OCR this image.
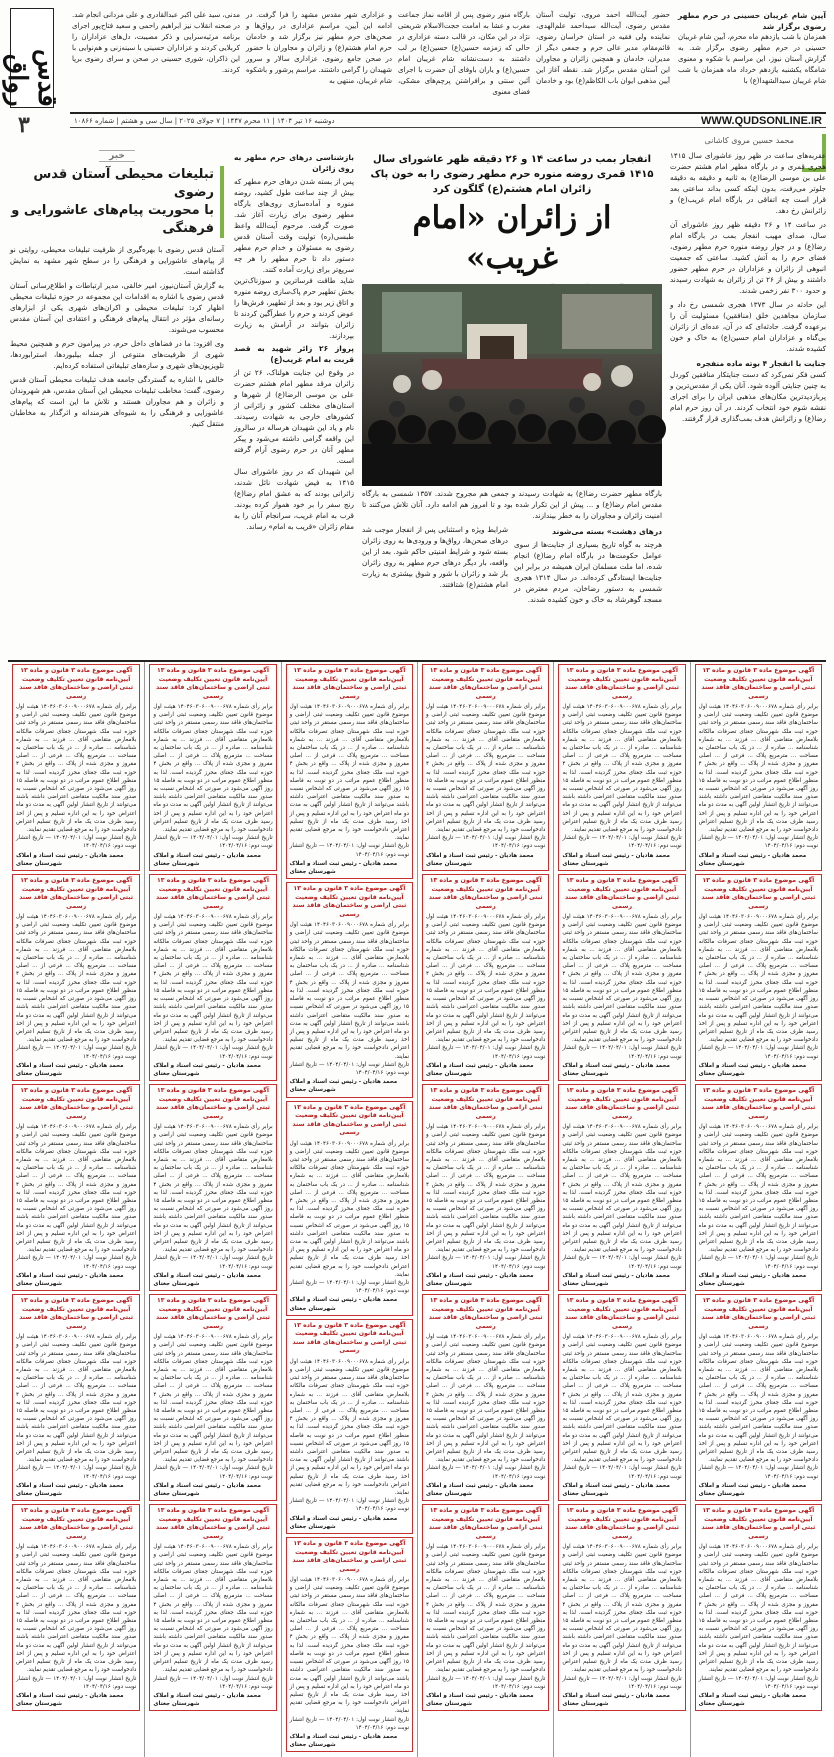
قدس رواق
۳
آیین شام غریبان حسینی در حرم مطهر رضوی برگزار شد
همزمان با شب یازدهم ماه محرم، آیین شام غریبان حسینی در حرم مطهر رضوی برگزار شد. به گزارش آستان نیوز، این مراسم با شکوه و معنوی شامگاه یکشنبه یازدهم خرداد ماه همزمان با شب شام غریبان سیدالشهدا(ع) با
حضور آیت‌الله احمد مروی، تولیت آستان مقدس رضوی، آیت‌الله سیداحمد علم‌الهدی، نماینده ولی فقیه در استان خراسان رضوی، قائم‌مقام، مدیر عالی حرم و جمعی دیگر از مدیران، خادمان و همچنین زائران و مجاوران این آستان مقدس برگزار شد. نقطه آغاز این آیین مذهبی ایوان باب الکاظم(ع) بود و خادمان
بارگاه منور رضوی پس از اقامه نماز جماعت مغرب و عشا به امامت حجت‌الاسلام شریعتی نژاد در این مکان، در قالب دسته عزاداری در حالی که زمزمه حسین(ع) حسین(ع) بر لب داشتند به دست‌نشانه شام غریبان امام حسین(ع) و یاران باوفای آن حضرت با اجرای آئین سنتی و برافراشتن پرچم‌های مشکی، فضای معنوی
و عزاداری شهر مقدس مشهد را فرا گرفت. در ادامه این آیین، مراسم عزاداری در رواق‌ها و صحن‌های حرم مطهر نیز برگزار شد و خادمان حرم امام هشتم(ع) و زائران و مجاوران با حضور در صحن جامع رضوی، عزاداری سالار و سرور شهیدان را گرامی داشتند. مراسم پرشور و باشکوه شام غریبان، منتهی به
مدنی، سید علی اکبر عبدالقادری و علی مردانی انجام شد. در صحنه انقلاب نیز ابراهیم راحمی و سعید فتاح‌پور اجرای برنامه مرثیه‌سرایی و ذکر مصیبت، دل‌های عزاداران را کربلایی کردند و عزاداران حسینی با سینه‌زنی و هم‌نوایی با این ذاکران، شوری حسینی در صحن و سرای رضوی برپا کردند.
WWW.QUDSONLINE.IR
دوشنبه ۱۶ تیر ۱۴۰۴ | ۱۱ محرم ۱۴۴۷ | ۷ جولای ۲۰۲۵ | سال سی و هشتم | شماره ۱۰۸۶۶
محمد حسین مروی کاشانی

عقربه‌های ساعت در ظهر روز عاشورای سال ۱۴۱۵ هجری قمری و در بارگاه مطهر امام هشتم حضرت علی بن موسی الرضا(ع) به ثانیه و دقیقه به دقیقه جلوتر می‌رفت، بدون اینکه کسی بداند ساعتی بعد قرار است چه اتفاقی در بارگاه امام غریب(ع) و زائرانش رخ دهد.

در ساعت ۱۴ و ۲۶ دقیقه ظهر روز عاشورای آن سال، صدای مهیب انفجار بمب در بارگاه امام رضا(ع) و در جوار روضه منوره حرم مطهر رضوی، فضای حرم را به آتش کشید. ساعتی که جمعیت انبوهی از زائران و عزاداران در حرم مطهر حضور داشتند و بیش از ۲۶ تن از زائران به شهادت رسیدند و حدود ۳۰۰ نفر زخمی شدند.

این حادثه در سال ۱۳۷۳ هجری شمسی رخ داد و سازمان مجاهدین خلق (منافقین) مسئولیت آن را برعهده گرفت. حادثه‌ای که در آن، عده‌ای از زائران بی‌گناه و عزاداران امام حسین(ع) به خاک و خون کشیده شدند.

جنایت با انفجار ۴ بوته ماده منفجره

کسی فکر نمی‌کرد که دست جنایتکار منافقین کوردل به چنین جنایتی آلوده شود. آنان یکی از مقدس‌ترین و پربازدیدترین مکان‌های مذهبی ایران را برای اجرای نقشه شوم خود انتخاب کردند. در آن روز حرم امام رضا(ع) و زائرانش هدف بمب‌گذاری قرار گرفتند.

انفجار بمب در ساعت ۱۴ و ۲۶ دقیقه ظهر عاشورای سال ۱۴۱۵ قمری روضه منوره حرم مطهر رضوی را به خون پاک زائران امام هشتم(ع) گلگون کرد
از زائران «امام غریب»
بارگاه مطهر حضرت رضا(ع) به شهادت رسیدند و جمعی هم مجروح شدند. ۱۳۵۷ شمسی به بارگاه مقدس امام رضا(ع) و ... پیش از این تکرار شده بود و تا امروز هم ادامه دارد. آنان تلاش می‌کنند تا امنیت زائران و مجاوران را به خطر بیندازند.
درهای دهشت» بسته می‌شوند
هرچند به گواه تاریخ بسیاری از جنایت‌ها از سوی عوامل حکومت‌ها در بارگاه امام رضا(ع) انجام شده، اما ملت مسلمان ایران همیشه در برابر این جنایت‌ها ایستادگی کرده‌اند. در سال ۱۳۱۴ هجری شمسی به دستور رضاخان، مردم معترض در مسجد گوهرشاد به خاک و خون کشیده شدند.
شرایط ویژه و استثنایی پس از انفجار موجب شد درهای صحن‌ها، رواق‌ها و ورودی‌ها به روی زائران بسته شود و شرایط امنیتی حاکم شود. بعد از این واقعه، بار دیگر درهای حرم مطهر به روی زائران باز شد و زائران با شور و شوق بیشتری به زیارت امام هشتم(ع) شتافتند.
بازشناسی درهای حرم مطهر به روی زائران

پس از بسته شدن درهای حرم مطهر که بیش از چند ساعت طول کشید، روضه منوره و آماده‌سازی روی‌های بارگاه مطهر رضوی برای زیارت آغاز شد. صورت گرفت. مرحوم آیت‌الله واعظ طبسی(ره) تولیت وقت آستان قدس رضوی به مسئولان و خدام حرم مطهر دستور داد تا حرم مطهر را هر چه سریع‌تر برای زیارت آماده کنند.

شاید طاقت فرسا‌ترین و سوزناک‌ترین بخش تطهیر حرم پاک‌سازی روضه منوره و اتاق زیر بود و بعد از تطهیر، فرش‌ها را عوض کردند و حرم را عطرآگین کردند تا زائران بتوانند در آرامش به زیارت بپردازند.

پرواز ۲۶ زائر شهید به قصد قربت به امام غریب(ع)

در وقوع این جنایت هولناک، ۲۶ تن از زائران مرقد مطهر امام هشتم حضرت علی بن موسی الرضا(ع) از شهرها و استان‌های مختلف کشور و زائرانی از کشورهای خارجی به شهادت رسیدند. نام و یاد این شهیدان هرساله در سالروز این واقعه گرامی داشته می‌شود و پیکر مطهر آنان در حرم رضوی آرام گرفته است.

این شهیدان که در روز عاشورای سال ۱۴۱۵ به فیض شهادت نائل شدند، زائرانی بودند که به عشق امام رضا(ع) رنج سفر را بر خود هموار کرده بودند. قرب به امام غریب، سرانجام آنان را به مقام زائران «قریب به امام» رساند.

خبر
تبلیغات محیطی آستان قدس رضوی
با محوریت پیام‌های عاشورایی و فرهنگی

آستان قدس رضوی با بهره‌گیری از ظرفیت تبلیغات محیطی، روایتی نو از پیام‌های عاشورایی و فرهنگی را در سطح شهر مشهد به نمایش گذاشته است.

به گزارش آستان‌نیوز، امیر خالقی، مدیر ارتباطات و اطلاع‌رسانی آستان قدس رضوی با اشاره به اقدامات این مجموعه در حوزه تبلیغات محیطی اظهار کرد: تبلیغات محیطی و اکران‌های شهری یکی از ابزارهای رسانه‌ای مؤثر در انتقال پیام‌های فرهنگی و اعتقادی این آستان مقدس محسوب می‌شوند.

وی افزود: ما در فضاهای داخل حرم، در پیرامون حرم و همچنین محیط شهری از ظرفیت‌های متنوعی از جمله بیلبوردها، استرابوردها، تلویزیون‌های شهری و سازه‌های تبلیغاتی استفاده کرده‌ایم.

خالقی با اشاره به گستردگی جامعه هدف تبلیغات محیطی آستان قدس رضوی، گفت: مخاطب تبلیغات محیطی این آستان مقدس، هم شهروندان و زائران و هم مجاوران هستند و تلاش ما این است که پیام‌های عاشورایی و فرهنگی را به شیوه‌ای هنرمندانه و اثرگذار به مخاطبان منتقل کنیم.

آگهی موضوع ماده ۳ قانون و ماده ۱۳ آیین‌نامه قانون تعیین تکلیف وضعیت ثبتی اراضی و ساختمان‌های فاقد سند رسمی
برابر رأی شماره ۱۴۰۴۶۰۳۰۶۰۰۹۰۰۰۶۷۸ هیئت اول موضوع قانون تعیین تکلیف وضعیت ثبتی اراضی و ساختمان‌های فاقد سند رسمی مستقر در واحد ثبتی حوزه ثبت ملک شهرستان جغتای تصرفات مالکانه بلامعارض متقاضی آقای ... فرزند ... به شماره شناسنامه ... صادره از ... در یک باب ساختمان به مساحت ... مترمربع پلاک ... فرعی از ... اصلی مفروز و مجزی شده از پلاک ... واقع در بخش ۴ حوزه ثبت ملک جغتای محرز گردیده است. لذا به منظور اطلاع عموم مراتب در دو نوبت به فاصله ۱۵ روز آگهی می‌شود در صورتی که اشخاص نسبت به صدور سند مالکیت متقاضی اعتراضی داشته باشند می‌توانند از تاریخ انتشار اولین آگهی به مدت دو ماه اعتراض خود را به این اداره تسلیم و پس از اخذ رسید ظرف مدت یک ماه از تاریخ تسلیم اعتراض دادخواست خود را به مرجع قضایی تقدیم نمایند.
تاریخ انتشار نوبت اول: ۱۴۰۴/۰۴/۰۱ — تاریخ انتشار نوبت دوم: ۱۴۰۴/۰۴/۱۶
محمد هادیان - رئیس ثبت اسناد و املاک شهرستان جغتای
آگهی موضوع ماده ۳ قانون و ماده ۱۳ آیین‌نامه قانون تعیین تکلیف وضعیت ثبتی اراضی و ساختمان‌های فاقد سند رسمی
برابر رأی شماره ۱۴۰۴۶۰۳۰۶۰۰۹۰۰۰۶۷۸ هیئت اول موضوع قانون تعیین تکلیف وضعیت ثبتی اراضی و ساختمان‌های فاقد سند رسمی مستقر در واحد ثبتی حوزه ثبت ملک شهرستان جغتای تصرفات مالکانه بلامعارض متقاضی آقای ... فرزند ... به شماره شناسنامه ... صادره از ... در یک باب ساختمان به مساحت ... مترمربع پلاک ... فرعی از ... اصلی مفروز و مجزی شده از پلاک ... واقع در بخش ۴ حوزه ثبت ملک جغتای محرز گردیده است. لذا به منظور اطلاع عموم مراتب در دو نوبت به فاصله ۱۵ روز آگهی می‌شود در صورتی که اشخاص نسبت به صدور سند مالکیت متقاضی اعتراضی داشته باشند می‌توانند از تاریخ انتشار اولین آگهی به مدت دو ماه اعتراض خود را به این اداره تسلیم و پس از اخذ رسید ظرف مدت یک ماه از تاریخ تسلیم اعتراض دادخواست خود را به مرجع قضایی تقدیم نمایند.
تاریخ انتشار نوبت اول: ۱۴۰۴/۰۴/۰۱ — تاریخ انتشار نوبت دوم: ۱۴۰۴/۰۴/۱۶
محمد هادیان - رئیس ثبت اسناد و املاک شهرستان جغتای
آگهی موضوع ماده ۳ قانون و ماده ۱۳ آیین‌نامه قانون تعیین تکلیف وضعیت ثبتی اراضی و ساختمان‌های فاقد سند رسمی
برابر رأی شماره ۱۴۰۴۶۰۳۰۶۰۰۹۰۰۰۶۷۸ هیئت اول موضوع قانون تعیین تکلیف وضعیت ثبتی اراضی و ساختمان‌های فاقد سند رسمی مستقر در واحد ثبتی حوزه ثبت ملک شهرستان جغتای تصرفات مالکانه بلامعارض متقاضی آقای ... فرزند ... به شماره شناسنامه ... صادره از ... در یک باب ساختمان به مساحت ... مترمربع پلاک ... فرعی از ... اصلی مفروز و مجزی شده از پلاک ... واقع در بخش ۴ حوزه ثبت ملک جغتای محرز گردیده است. لذا به منظور اطلاع عموم مراتب در دو نوبت به فاصله ۱۵ روز آگهی می‌شود در صورتی که اشخاص نسبت به صدور سند مالکیت متقاضی اعتراضی داشته باشند می‌توانند از تاریخ انتشار اولین آگهی به مدت دو ماه اعتراض خود را به این اداره تسلیم و پس از اخذ رسید ظرف مدت یک ماه از تاریخ تسلیم اعتراض دادخواست خود را به مرجع قضایی تقدیم نمایند.
تاریخ انتشار نوبت اول: ۱۴۰۴/۰۴/۰۱ — تاریخ انتشار نوبت دوم: ۱۴۰۴/۰۴/۱۶
محمد هادیان - رئیس ثبت اسناد و املاک شهرستان جغتای
آگهی موضوع ماده ۳ قانون و ماده ۱۳ آیین‌نامه قانون تعیین تکلیف وضعیت ثبتی اراضی و ساختمان‌های فاقد سند رسمی
برابر رأی شماره ۱۴۰۴۶۰۳۰۶۰۰۹۰۰۰۶۷۸ هیئت اول موضوع قانون تعیین تکلیف وضعیت ثبتی اراضی و ساختمان‌های فاقد سند رسمی مستقر در واحد ثبتی حوزه ثبت ملک شهرستان جغتای تصرفات مالکانه بلامعارض متقاضی آقای ... فرزند ... به شماره شناسنامه ... صادره از ... در یک باب ساختمان به مساحت ... مترمربع پلاک ... فرعی از ... اصلی مفروز و مجزی شده از پلاک ... واقع در بخش ۴ حوزه ثبت ملک جغتای محرز گردیده است. لذا به منظور اطلاع عموم مراتب در دو نوبت به فاصله ۱۵ روز آگهی می‌شود در صورتی که اشخاص نسبت به صدور سند مالکیت متقاضی اعتراضی داشته باشند می‌توانند از تاریخ انتشار اولین آگهی به مدت دو ماه اعتراض خود را به این اداره تسلیم و پس از اخذ رسید ظرف مدت یک ماه از تاریخ تسلیم اعتراض دادخواست خود را به مرجع قضایی تقدیم نمایند.
تاریخ انتشار نوبت اول: ۱۴۰۴/۰۴/۰۱ — تاریخ انتشار نوبت دوم: ۱۴۰۴/۰۴/۱۶
محمد هادیان - رئیس ثبت اسناد و املاک شهرستان جغتای
آگهی موضوع ماده ۳ قانون و ماده ۱۳ آیین‌نامه قانون تعیین تکلیف وضعیت ثبتی اراضی و ساختمان‌های فاقد سند رسمی
برابر رأی شماره ۱۴۰۴۶۰۳۰۶۰۰۹۰۰۰۶۷۸ هیئت اول موضوع قانون تعیین تکلیف وضعیت ثبتی اراضی و ساختمان‌های فاقد سند رسمی مستقر در واحد ثبتی حوزه ثبت ملک شهرستان جغتای تصرفات مالکانه بلامعارض متقاضی آقای ... فرزند ... به شماره شناسنامه ... صادره از ... در یک باب ساختمان به مساحت ... مترمربع پلاک ... فرعی از ... اصلی مفروز و مجزی شده از پلاک ... واقع در بخش ۴ حوزه ثبت ملک جغتای محرز گردیده است. لذا به منظور اطلاع عموم مراتب در دو نوبت به فاصله ۱۵ روز آگهی می‌شود در صورتی که اشخاص نسبت به صدور سند مالکیت متقاضی اعتراضی داشته باشند می‌توانند از تاریخ انتشار اولین آگهی به مدت دو ماه اعتراض خود را به این اداره تسلیم و پس از اخذ رسید ظرف مدت یک ماه از تاریخ تسلیم اعتراض دادخواست خود را به مرجع قضایی تقدیم نمایند.
تاریخ انتشار نوبت اول: ۱۴۰۴/۰۴/۰۱ — تاریخ انتشار نوبت دوم: ۱۴۰۴/۰۴/۱۶
محمد هادیان - رئیس ثبت اسناد و املاک شهرستان جغتای
آگهی موضوع ماده ۳ قانون و ماده ۱۳ آیین‌نامه قانون تعیین تکلیف وضعیت ثبتی اراضی و ساختمان‌های فاقد سند رسمی
برابر رأی شماره ۱۴۰۴۶۰۳۰۶۰۰۹۰۰۰۶۷۸ هیئت اول موضوع قانون تعیین تکلیف وضعیت ثبتی اراضی و ساختمان‌های فاقد سند رسمی مستقر در واحد ثبتی حوزه ثبت ملک شهرستان جغتای تصرفات مالکانه بلامعارض متقاضی آقای ... فرزند ... به شماره شناسنامه ... صادره از ... در یک باب ساختمان به مساحت ... مترمربع پلاک ... فرعی از ... اصلی مفروز و مجزی شده از پلاک ... واقع در بخش ۴ حوزه ثبت ملک جغتای محرز گردیده است. لذا به منظور اطلاع عموم مراتب در دو نوبت به فاصله ۱۵ روز آگهی می‌شود در صورتی که اشخاص نسبت به صدور سند مالکیت متقاضی اعتراضی داشته باشند می‌توانند از تاریخ انتشار اولین آگهی به مدت دو ماه اعتراض خود را به این اداره تسلیم و پس از اخذ رسید ظرف مدت یک ماه از تاریخ تسلیم اعتراض دادخواست خود را به مرجع قضایی تقدیم نمایند.
تاریخ انتشار نوبت اول: ۱۴۰۴/۰۴/۰۱ — تاریخ انتشار نوبت دوم: ۱۴۰۴/۰۴/۱۶
محمد هادیان - رئیس ثبت اسناد و املاک شهرستان جغتای
آگهی موضوع ماده ۳ قانون و ماده ۱۳ آیین‌نامه قانون تعیین تکلیف وضعیت ثبتی اراضی و ساختمان‌های فاقد سند رسمی
برابر رأی شماره ۱۴۰۴۶۰۳۰۶۰۰۹۰۰۰۶۷۸ هیئت اول موضوع قانون تعیین تکلیف وضعیت ثبتی اراضی و ساختمان‌های فاقد سند رسمی مستقر در واحد ثبتی حوزه ثبت ملک شهرستان جغتای تصرفات مالکانه بلامعارض متقاضی آقای ... فرزند ... به شماره شناسنامه ... صادره از ... در یک باب ساختمان به مساحت ... مترمربع پلاک ... فرعی از ... اصلی مفروز و مجزی شده از پلاک ... واقع در بخش ۴ حوزه ثبت ملک جغتای محرز گردیده است. لذا به منظور اطلاع عموم مراتب در دو نوبت به فاصله ۱۵ روز آگهی می‌شود در صورتی که اشخاص نسبت به صدور سند مالکیت متقاضی اعتراضی داشته باشند می‌توانند از تاریخ انتشار اولین آگهی به مدت دو ماه اعتراض خود را به این اداره تسلیم و پس از اخذ رسید ظرف مدت یک ماه از تاریخ تسلیم اعتراض دادخواست خود را به مرجع قضایی تقدیم نمایند.
تاریخ انتشار نوبت اول: ۱۴۰۴/۰۴/۰۱ — تاریخ انتشار نوبت دوم: ۱۴۰۴/۰۴/۱۶
محمد هادیان - رئیس ثبت اسناد و املاک شهرستان جغتای
آگهی موضوع ماده ۳ قانون و ماده ۱۳ آیین‌نامه قانون تعیین تکلیف وضعیت ثبتی اراضی و ساختمان‌های فاقد سند رسمی
برابر رأی شماره ۱۴۰۴۶۰۳۰۶۰۰۹۰۰۰۶۷۸ هیئت اول موضوع قانون تعیین تکلیف وضعیت ثبتی اراضی و ساختمان‌های فاقد سند رسمی مستقر در واحد ثبتی حوزه ثبت ملک شهرستان جغتای تصرفات مالکانه بلامعارض متقاضی آقای ... فرزند ... به شماره شناسنامه ... صادره از ... در یک باب ساختمان به مساحت ... مترمربع پلاک ... فرعی از ... اصلی مفروز و مجزی شده از پلاک ... واقع در بخش ۴ حوزه ثبت ملک جغتای محرز گردیده است. لذا به منظور اطلاع عموم مراتب در دو نوبت به فاصله ۱۵ روز آگهی می‌شود در صورتی که اشخاص نسبت به صدور سند مالکیت متقاضی اعتراضی داشته باشند می‌توانند از تاریخ انتشار اولین آگهی به مدت دو ماه اعتراض خود را به این اداره تسلیم و پس از اخذ رسید ظرف مدت یک ماه از تاریخ تسلیم اعتراض دادخواست خود را به مرجع قضایی تقدیم نمایند.
تاریخ انتشار نوبت اول: ۱۴۰۴/۰۴/۰۱ — تاریخ انتشار نوبت دوم: ۱۴۰۴/۰۴/۱۶
محمد هادیان - رئیس ثبت اسناد و املاک شهرستان جغتای
آگهی موضوع ماده ۳ قانون و ماده ۱۳ آیین‌نامه قانون تعیین تکلیف وضعیت ثبتی اراضی و ساختمان‌های فاقد سند رسمی
برابر رأی شماره ۱۴۰۴۶۰۳۰۶۰۰۹۰۰۰۶۷۸ هیئت اول موضوع قانون تعیین تکلیف وضعیت ثبتی اراضی و ساختمان‌های فاقد سند رسمی مستقر در واحد ثبتی حوزه ثبت ملک شهرستان جغتای تصرفات مالکانه بلامعارض متقاضی آقای ... فرزند ... به شماره شناسنامه ... صادره از ... در یک باب ساختمان به مساحت ... مترمربع پلاک ... فرعی از ... اصلی مفروز و مجزی شده از پلاک ... واقع در بخش ۴ حوزه ثبت ملک جغتای محرز گردیده است. لذا به منظور اطلاع عموم مراتب در دو نوبت به فاصله ۱۵ روز آگهی می‌شود در صورتی که اشخاص نسبت به صدور سند مالکیت متقاضی اعتراضی داشته باشند می‌توانند از تاریخ انتشار اولین آگهی به مدت دو ماه اعتراض خود را به این اداره تسلیم و پس از اخذ رسید ظرف مدت یک ماه از تاریخ تسلیم اعتراض دادخواست خود را به مرجع قضایی تقدیم نمایند.
تاریخ انتشار نوبت اول: ۱۴۰۴/۰۴/۰۱ — تاریخ انتشار نوبت دوم: ۱۴۰۴/۰۴/۱۶
محمد هادیان - رئیس ثبت اسناد و املاک شهرستان جغتای
آگهی موضوع ماده ۳ قانون و ماده ۱۳ آیین‌نامه قانون تعیین تکلیف وضعیت ثبتی اراضی و ساختمان‌های فاقد سند رسمی
برابر رأی شماره ۱۴۰۴۶۰۳۰۶۰۰۹۰۰۰۶۷۸ هیئت اول موضوع قانون تعیین تکلیف وضعیت ثبتی اراضی و ساختمان‌های فاقد سند رسمی مستقر در واحد ثبتی حوزه ثبت ملک شهرستان جغتای تصرفات مالکانه بلامعارض متقاضی آقای ... فرزند ... به شماره شناسنامه ... صادره از ... در یک باب ساختمان به مساحت ... مترمربع پلاک ... فرعی از ... اصلی مفروز و مجزی شده از پلاک ... واقع در بخش ۴ حوزه ثبت ملک جغتای محرز گردیده است. لذا به منظور اطلاع عموم مراتب در دو نوبت به فاصله ۱۵ روز آگهی می‌شود در صورتی که اشخاص نسبت به صدور سند مالکیت متقاضی اعتراضی داشته باشند می‌توانند از تاریخ انتشار اولین آگهی به مدت دو ماه اعتراض خود را به این اداره تسلیم و پس از اخذ رسید ظرف مدت یک ماه از تاریخ تسلیم اعتراض دادخواست خود را به مرجع قضایی تقدیم نمایند.
تاریخ انتشار نوبت اول: ۱۴۰۴/۰۴/۰۱ — تاریخ انتشار نوبت دوم: ۱۴۰۴/۰۴/۱۶
محمد هادیان - رئیس ثبت اسناد و املاک شهرستان جغتای
آگهی موضوع ماده ۳ قانون و ماده ۱۳ آیین‌نامه قانون تعیین تکلیف وضعیت ثبتی اراضی و ساختمان‌های فاقد سند رسمی
برابر رأی شماره ۱۴۰۴۶۰۳۰۶۰۰۹۰۰۰۶۷۸ هیئت اول موضوع قانون تعیین تکلیف وضعیت ثبتی اراضی و ساختمان‌های فاقد سند رسمی مستقر در واحد ثبتی حوزه ثبت ملک شهرستان جغتای تصرفات مالکانه بلامعارض متقاضی آقای ... فرزند ... به شماره شناسنامه ... صادره از ... در یک باب ساختمان به مساحت ... مترمربع پلاک ... فرعی از ... اصلی مفروز و مجزی شده از پلاک ... واقع در بخش ۴ حوزه ثبت ملک جغتای محرز گردیده است. لذا به منظور اطلاع عموم مراتب در دو نوبت به فاصله ۱۵ روز آگهی می‌شود در صورتی که اشخاص نسبت به صدور سند مالکیت متقاضی اعتراضی داشته باشند می‌توانند از تاریخ انتشار اولین آگهی به مدت دو ماه اعتراض خود را به این اداره تسلیم و پس از اخذ رسید ظرف مدت یک ماه از تاریخ تسلیم اعتراض دادخواست خود را به مرجع قضایی تقدیم نمایند.
تاریخ انتشار نوبت اول: ۱۴۰۴/۰۴/۰۱ — تاریخ انتشار نوبت دوم: ۱۴۰۴/۰۴/۱۶
محمد هادیان - رئیس ثبت اسناد و املاک شهرستان جغتای
آگهی موضوع ماده ۳ قانون و ماده ۱۳ آیین‌نامه قانون تعیین تکلیف وضعیت ثبتی اراضی و ساختمان‌های فاقد سند رسمی
برابر رأی شماره ۱۴۰۴۶۰۳۰۶۰۰۹۰۰۰۶۷۸ هیئت اول موضوع قانون تعیین تکلیف وضعیت ثبتی اراضی و ساختمان‌های فاقد سند رسمی مستقر در واحد ثبتی حوزه ثبت ملک شهرستان جغتای تصرفات مالکانه بلامعارض متقاضی آقای ... فرزند ... به شماره شناسنامه ... صادره از ... در یک باب ساختمان به مساحت ... مترمربع پلاک ... فرعی از ... اصلی مفروز و مجزی شده از پلاک ... واقع در بخش ۴ حوزه ثبت ملک جغتای محرز گردیده است. لذا به منظور اطلاع عموم مراتب در دو نوبت به فاصله ۱۵ روز آگهی می‌شود در صورتی که اشخاص نسبت به صدور سند مالکیت متقاضی اعتراضی داشته باشند می‌توانند از تاریخ انتشار اولین آگهی به مدت دو ماه اعتراض خود را به این اداره تسلیم و پس از اخذ رسید ظرف مدت یک ماه از تاریخ تسلیم اعتراض دادخواست خود را به مرجع قضایی تقدیم نمایند.
تاریخ انتشار نوبت اول: ۱۴۰۴/۰۴/۰۱ — تاریخ انتشار نوبت دوم: ۱۴۰۴/۰۴/۱۶
محمد هادیان - رئیس ثبت اسناد و املاک شهرستان جغتای
آگهی موضوع ماده ۳ قانون و ماده ۱۳ آیین‌نامه قانون تعیین تکلیف وضعیت ثبتی اراضی و ساختمان‌های فاقد سند رسمی
برابر رأی شماره ۱۴۰۴۶۰۳۰۶۰۰۹۰۰۰۶۷۸ هیئت اول موضوع قانون تعیین تکلیف وضعیت ثبتی اراضی و ساختمان‌های فاقد سند رسمی مستقر در واحد ثبتی حوزه ثبت ملک شهرستان جغتای تصرفات مالکانه بلامعارض متقاضی آقای ... فرزند ... به شماره شناسنامه ... صادره از ... در یک باب ساختمان به مساحت ... مترمربع پلاک ... فرعی از ... اصلی مفروز و مجزی شده از پلاک ... واقع در بخش ۴ حوزه ثبت ملک جغتای محرز گردیده است. لذا به منظور اطلاع عموم مراتب در دو نوبت به فاصله ۱۵ روز آگهی می‌شود در صورتی که اشخاص نسبت به صدور سند مالکیت متقاضی اعتراضی داشته باشند می‌توانند از تاریخ انتشار اولین آگهی به مدت دو ماه اعتراض خود را به این اداره تسلیم و پس از اخذ رسید ظرف مدت یک ماه از تاریخ تسلیم اعتراض دادخواست خود را به مرجع قضایی تقدیم نمایند.
تاریخ انتشار نوبت اول: ۱۴۰۴/۰۴/۰۱ — تاریخ انتشار نوبت دوم: ۱۴۰۴/۰۴/۱۶
محمد هادیان - رئیس ثبت اسناد و املاک شهرستان جغتای
آگهی موضوع ماده ۳ قانون و ماده ۱۳ آیین‌نامه قانون تعیین تکلیف وضعیت ثبتی اراضی و ساختمان‌های فاقد سند رسمی
برابر رأی شماره ۱۴۰۴۶۰۳۰۶۰۰۹۰۰۰۶۷۸ هیئت اول موضوع قانون تعیین تکلیف وضعیت ثبتی اراضی و ساختمان‌های فاقد سند رسمی مستقر در واحد ثبتی حوزه ثبت ملک شهرستان جغتای تصرفات مالکانه بلامعارض متقاضی آقای ... فرزند ... به شماره شناسنامه ... صادره از ... در یک باب ساختمان به مساحت ... مترمربع پلاک ... فرعی از ... اصلی مفروز و مجزی شده از پلاک ... واقع در بخش ۴ حوزه ثبت ملک جغتای محرز گردیده است. لذا به منظور اطلاع عموم مراتب در دو نوبت به فاصله ۱۵ روز آگهی می‌شود در صورتی که اشخاص نسبت به صدور سند مالکیت متقاضی اعتراضی داشته باشند می‌توانند از تاریخ انتشار اولین آگهی به مدت دو ماه اعتراض خود را به این اداره تسلیم و پس از اخذ رسید ظرف مدت یک ماه از تاریخ تسلیم اعتراض دادخواست خود را به مرجع قضایی تقدیم نمایند.
تاریخ انتشار نوبت اول: ۱۴۰۴/۰۴/۰۱ — تاریخ انتشار نوبت دوم: ۱۴۰۴/۰۴/۱۶
محمد هادیان - رئیس ثبت اسناد و املاک شهرستان جغتای
آگهی موضوع ماده ۳ قانون و ماده ۱۳ آیین‌نامه قانون تعیین تکلیف وضعیت ثبتی اراضی و ساختمان‌های فاقد سند رسمی
برابر رأی شماره ۱۴۰۴۶۰۳۰۶۰۰۹۰۰۰۶۷۸ هیئت اول موضوع قانون تعیین تکلیف وضعیت ثبتی اراضی و ساختمان‌های فاقد سند رسمی مستقر در واحد ثبتی حوزه ثبت ملک شهرستان جغتای تصرفات مالکانه بلامعارض متقاضی آقای ... فرزند ... به شماره شناسنامه ... صادره از ... در یک باب ساختمان به مساحت ... مترمربع پلاک ... فرعی از ... اصلی مفروز و مجزی شده از پلاک ... واقع در بخش ۴ حوزه ثبت ملک جغتای محرز گردیده است. لذا به منظور اطلاع عموم مراتب در دو نوبت به فاصله ۱۵ روز آگهی می‌شود در صورتی که اشخاص نسبت به صدور سند مالکیت متقاضی اعتراضی داشته باشند می‌توانند از تاریخ انتشار اولین آگهی به مدت دو ماه اعتراض خود را به این اداره تسلیم و پس از اخذ رسید ظرف مدت یک ماه از تاریخ تسلیم اعتراض دادخواست خود را به مرجع قضایی تقدیم نمایند.
تاریخ انتشار نوبت اول: ۱۴۰۴/۰۴/۰۱ — تاریخ انتشار نوبت دوم: ۱۴۰۴/۰۴/۱۶
محمد هادیان - رئیس ثبت اسناد و املاک شهرستان جغتای
آگهی موضوع ماده ۳ قانون و ماده ۱۳ آیین‌نامه قانون تعیین تکلیف وضعیت ثبتی اراضی و ساختمان‌های فاقد سند رسمی
برابر رأی شماره ۱۴۰۴۶۰۳۰۶۰۰۹۰۰۰۶۷۸ هیئت اول موضوع قانون تعیین تکلیف وضعیت ثبتی اراضی و ساختمان‌های فاقد سند رسمی مستقر در واحد ثبتی حوزه ثبت ملک شهرستان جغتای تصرفات مالکانه بلامعارض متقاضی آقای ... فرزند ... به شماره شناسنامه ... صادره از ... در یک باب ساختمان به مساحت ... مترمربع پلاک ... فرعی از ... اصلی مفروز و مجزی شده از پلاک ... واقع در بخش ۴ حوزه ثبت ملک جغتای محرز گردیده است. لذا به منظور اطلاع عموم مراتب در دو نوبت به فاصله ۱۵ روز آگهی می‌شود در صورتی که اشخاص نسبت به صدور سند مالکیت متقاضی اعتراضی داشته باشند می‌توانند از تاریخ انتشار اولین آگهی به مدت دو ماه اعتراض خود را به این اداره تسلیم و پس از اخذ رسید ظرف مدت یک ماه از تاریخ تسلیم اعتراض دادخواست خود را به مرجع قضایی تقدیم نمایند.
تاریخ انتشار نوبت اول: ۱۴۰۴/۰۴/۰۱ — تاریخ انتشار نوبت دوم: ۱۴۰۴/۰۴/۱۶
محمد هادیان - رئیس ثبت اسناد و املاک شهرستان جغتای
آگهی موضوع ماده ۳ قانون و ماده ۱۳ آیین‌نامه قانون تعیین تکلیف وضعیت ثبتی اراضی و ساختمان‌های فاقد سند رسمی
برابر رأی شماره ۱۴۰۴۶۰۳۰۶۰۰۹۰۰۰۶۷۸ هیئت اول موضوع قانون تعیین تکلیف وضعیت ثبتی اراضی و ساختمان‌های فاقد سند رسمی مستقر در واحد ثبتی حوزه ثبت ملک شهرستان جغتای تصرفات مالکانه بلامعارض متقاضی آقای ... فرزند ... به شماره شناسنامه ... صادره از ... در یک باب ساختمان به مساحت ... مترمربع پلاک ... فرعی از ... اصلی مفروز و مجزی شده از پلاک ... واقع در بخش ۴ حوزه ثبت ملک جغتای محرز گردیده است. لذا به منظور اطلاع عموم مراتب در دو نوبت به فاصله ۱۵ روز آگهی می‌شود در صورتی که اشخاص نسبت به صدور سند مالکیت متقاضی اعتراضی داشته باشند می‌توانند از تاریخ انتشار اولین آگهی به مدت دو ماه اعتراض خود را به این اداره تسلیم و پس از اخذ رسید ظرف مدت یک ماه از تاریخ تسلیم اعتراض دادخواست خود را به مرجع قضایی تقدیم نمایند.
تاریخ انتشار نوبت اول: ۱۴۰۴/۰۴/۰۱ — تاریخ انتشار نوبت دوم: ۱۴۰۴/۰۴/۱۶
محمد هادیان - رئیس ثبت اسناد و املاک شهرستان جغتای
آگهی موضوع ماده ۳ قانون و ماده ۱۳ آیین‌نامه قانون تعیین تکلیف وضعیت ثبتی اراضی و ساختمان‌های فاقد سند رسمی
برابر رأی شماره ۱۴۰۴۶۰۳۰۶۰۰۹۰۰۰۶۷۸ هیئت اول موضوع قانون تعیین تکلیف وضعیت ثبتی اراضی و ساختمان‌های فاقد سند رسمی مستقر در واحد ثبتی حوزه ثبت ملک شهرستان جغتای تصرفات مالکانه بلامعارض متقاضی آقای ... فرزند ... به شماره شناسنامه ... صادره از ... در یک باب ساختمان به مساحت ... مترمربع پلاک ... فرعی از ... اصلی مفروز و مجزی شده از پلاک ... واقع در بخش ۴ حوزه ثبت ملک جغتای محرز گردیده است. لذا به منظور اطلاع عموم مراتب در دو نوبت به فاصله ۱۵ روز آگهی می‌شود در صورتی که اشخاص نسبت به صدور سند مالکیت متقاضی اعتراضی داشته باشند می‌توانند از تاریخ انتشار اولین آگهی به مدت دو ماه اعتراض خود را به این اداره تسلیم و پس از اخذ رسید ظرف مدت یک ماه از تاریخ تسلیم اعتراض دادخواست خود را به مرجع قضایی تقدیم نمایند.
تاریخ انتشار نوبت اول: ۱۴۰۴/۰۴/۰۱ — تاریخ انتشار نوبت دوم: ۱۴۰۴/۰۴/۱۶
محمد هادیان - رئیس ثبت اسناد و املاک شهرستان جغتای
آگهی موضوع ماده ۳ قانون و ماده ۱۳ آیین‌نامه قانون تعیین تکلیف وضعیت ثبتی اراضی و ساختمان‌های فاقد سند رسمی
برابر رأی شماره ۱۴۰۴۶۰۳۰۶۰۰۹۰۰۰۶۷۸ هیئت اول موضوع قانون تعیین تکلیف وضعیت ثبتی اراضی و ساختمان‌های فاقد سند رسمی مستقر در واحد ثبتی حوزه ثبت ملک شهرستان جغتای تصرفات مالکانه بلامعارض متقاضی آقای ... فرزند ... به شماره شناسنامه ... صادره از ... در یک باب ساختمان به مساحت ... مترمربع پلاک ... فرعی از ... اصلی مفروز و مجزی شده از پلاک ... واقع در بخش ۴ حوزه ثبت ملک جغتای محرز گردیده است. لذا به منظور اطلاع عموم مراتب در دو نوبت به فاصله ۱۵ روز آگهی می‌شود در صورتی که اشخاص نسبت به صدور سند مالکیت متقاضی اعتراضی داشته باشند می‌توانند از تاریخ انتشار اولین آگهی به مدت دو ماه اعتراض خود را به این اداره تسلیم و پس از اخذ رسید ظرف مدت یک ماه از تاریخ تسلیم اعتراض دادخواست خود را به مرجع قضایی تقدیم نمایند.
تاریخ انتشار نوبت اول: ۱۴۰۴/۰۴/۰۱ — تاریخ انتشار نوبت دوم: ۱۴۰۴/۰۴/۱۶
محمد هادیان - رئیس ثبت اسناد و املاک شهرستان جغتای
آگهی موضوع ماده ۳ قانون و ماده ۱۳ آیین‌نامه قانون تعیین تکلیف وضعیت ثبتی اراضی و ساختمان‌های فاقد سند رسمی
برابر رأی شماره ۱۴۰۴۶۰۳۰۶۰۰۹۰۰۰۶۷۸ هیئت اول موضوع قانون تعیین تکلیف وضعیت ثبتی اراضی و ساختمان‌های فاقد سند رسمی مستقر در واحد ثبتی حوزه ثبت ملک شهرستان جغتای تصرفات مالکانه بلامعارض متقاضی آقای ... فرزند ... به شماره شناسنامه ... صادره از ... در یک باب ساختمان به مساحت ... مترمربع پلاک ... فرعی از ... اصلی مفروز و مجزی شده از پلاک ... واقع در بخش ۴ حوزه ثبت ملک جغتای محرز گردیده است. لذا به منظور اطلاع عموم مراتب در دو نوبت به فاصله ۱۵ روز آگهی می‌شود در صورتی که اشخاص نسبت به صدور سند مالکیت متقاضی اعتراضی داشته باشند می‌توانند از تاریخ انتشار اولین آگهی به مدت دو ماه اعتراض خود را به این اداره تسلیم و پس از اخذ رسید ظرف مدت یک ماه از تاریخ تسلیم اعتراض دادخواست خود را به مرجع قضایی تقدیم نمایند.
تاریخ انتشار نوبت اول: ۱۴۰۴/۰۴/۰۱ — تاریخ انتشار نوبت دوم: ۱۴۰۴/۰۴/۱۶
محمد هادیان - رئیس ثبت اسناد و املاک شهرستان جغتای
آگهی موضوع ماده ۳ قانون و ماده ۱۳ آیین‌نامه قانون تعیین تکلیف وضعیت ثبتی اراضی و ساختمان‌های فاقد سند رسمی
برابر رأی شماره ۱۴۰۴۶۰۳۰۶۰۰۹۰۰۰۶۷۸ هیئت اول موضوع قانون تعیین تکلیف وضعیت ثبتی اراضی و ساختمان‌های فاقد سند رسمی مستقر در واحد ثبتی حوزه ثبت ملک شهرستان جغتای تصرفات مالکانه بلامعارض متقاضی آقای ... فرزند ... به شماره شناسنامه ... صادره از ... در یک باب ساختمان به مساحت ... مترمربع پلاک ... فرعی از ... اصلی مفروز و مجزی شده از پلاک ... واقع در بخش ۴ حوزه ثبت ملک جغتای محرز گردیده است. لذا به منظور اطلاع عموم مراتب در دو نوبت به فاصله ۱۵ روز آگهی می‌شود در صورتی که اشخاص نسبت به صدور سند مالکیت متقاضی اعتراضی داشته باشند می‌توانند از تاریخ انتشار اولین آگهی به مدت دو ماه اعتراض خود را به این اداره تسلیم و پس از اخذ رسید ظرف مدت یک ماه از تاریخ تسلیم اعتراض دادخواست خود را به مرجع قضایی تقدیم نمایند.
تاریخ انتشار نوبت اول: ۱۴۰۴/۰۴/۰۱ — تاریخ انتشار نوبت دوم: ۱۴۰۴/۰۴/۱۶
محمد هادیان - رئیس ثبت اسناد و املاک شهرستان جغتای
آگهی موضوع ماده ۳ قانون و ماده ۱۳ آیین‌نامه قانون تعیین تکلیف وضعیت ثبتی اراضی و ساختمان‌های فاقد سند رسمی
برابر رأی شماره ۱۴۰۴۶۰۳۰۶۰۰۹۰۰۰۶۷۸ هیئت اول موضوع قانون تعیین تکلیف وضعیت ثبتی اراضی و ساختمان‌های فاقد سند رسمی مستقر در واحد ثبتی حوزه ثبت ملک شهرستان جغتای تصرفات مالکانه بلامعارض متقاضی آقای ... فرزند ... به شماره شناسنامه ... صادره از ... در یک باب ساختمان به مساحت ... مترمربع پلاک ... فرعی از ... اصلی مفروز و مجزی شده از پلاک ... واقع در بخش ۴ حوزه ثبت ملک جغتای محرز گردیده است. لذا به منظور اطلاع عموم مراتب در دو نوبت به فاصله ۱۵ روز آگهی می‌شود در صورتی که اشخاص نسبت به صدور سند مالکیت متقاضی اعتراضی داشته باشند می‌توانند از تاریخ انتشار اولین آگهی به مدت دو ماه اعتراض خود را به این اداره تسلیم و پس از اخذ رسید ظرف مدت یک ماه از تاریخ تسلیم اعتراض دادخواست خود را به مرجع قضایی تقدیم نمایند.
تاریخ انتشار نوبت اول: ۱۴۰۴/۰۴/۰۱ — تاریخ انتشار نوبت دوم: ۱۴۰۴/۰۴/۱۶
محمد هادیان - رئیس ثبت اسناد و املاک شهرستان جغتای
آگهی موضوع ماده ۳ قانون و ماده ۱۳ آیین‌نامه قانون تعیین تکلیف وضعیت ثبتی اراضی و ساختمان‌های فاقد سند رسمی
برابر رأی شماره ۱۴۰۴۶۰۳۰۶۰۰۹۰۰۰۶۷۸ هیئت اول موضوع قانون تعیین تکلیف وضعیت ثبتی اراضی و ساختمان‌های فاقد سند رسمی مستقر در واحد ثبتی حوزه ثبت ملک شهرستان جغتای تصرفات مالکانه بلامعارض متقاضی آقای ... فرزند ... به شماره شناسنامه ... صادره از ... در یک باب ساختمان به مساحت ... مترمربع پلاک ... فرعی از ... اصلی مفروز و مجزی شده از پلاک ... واقع در بخش ۴ حوزه ثبت ملک جغتای محرز گردیده است. لذا به منظور اطلاع عموم مراتب در دو نوبت به فاصله ۱۵ روز آگهی می‌شود در صورتی که اشخاص نسبت به صدور سند مالکیت متقاضی اعتراضی داشته باشند می‌توانند از تاریخ انتشار اولین آگهی به مدت دو ماه اعتراض خود را به این اداره تسلیم و پس از اخذ رسید ظرف مدت یک ماه از تاریخ تسلیم اعتراض دادخواست خود را به مرجع قضایی تقدیم نمایند.
تاریخ انتشار نوبت اول: ۱۴۰۴/۰۴/۰۱ — تاریخ انتشار نوبت دوم: ۱۴۰۴/۰۴/۱۶
محمد هادیان - رئیس ثبت اسناد و املاک شهرستان جغتای
آگهی موضوع ماده ۳ قانون و ماده ۱۳ آیین‌نامه قانون تعیین تکلیف وضعیت ثبتی اراضی و ساختمان‌های فاقد سند رسمی
برابر رأی شماره ۱۴۰۴۶۰۳۰۶۰۰۹۰۰۰۶۷۸ هیئت اول موضوع قانون تعیین تکلیف وضعیت ثبتی اراضی و ساختمان‌های فاقد سند رسمی مستقر در واحد ثبتی حوزه ثبت ملک شهرستان جغتای تصرفات مالکانه بلامعارض متقاضی آقای ... فرزند ... به شماره شناسنامه ... صادره از ... در یک باب ساختمان به مساحت ... مترمربع پلاک ... فرعی از ... اصلی مفروز و مجزی شده از پلاک ... واقع در بخش ۴ حوزه ثبت ملک جغتای محرز گردیده است. لذا به منظور اطلاع عموم مراتب در دو نوبت به فاصله ۱۵ روز آگهی می‌شود در صورتی که اشخاص نسبت به صدور سند مالکیت متقاضی اعتراضی داشته باشند می‌توانند از تاریخ انتشار اولین آگهی به مدت دو ماه اعتراض خود را به این اداره تسلیم و پس از اخذ رسید ظرف مدت یک ماه از تاریخ تسلیم اعتراض دادخواست خود را به مرجع قضایی تقدیم نمایند.
تاریخ انتشار نوبت اول: ۱۴۰۴/۰۴/۰۱ — تاریخ انتشار نوبت دوم: ۱۴۰۴/۰۴/۱۶
محمد هادیان - رئیس ثبت اسناد و املاک شهرستان جغتای
آگهی موضوع ماده ۳ قانون و ماده ۱۳ آیین‌نامه قانون تعیین تکلیف وضعیت ثبتی اراضی و ساختمان‌های فاقد سند رسمی
برابر رأی شماره ۱۴۰۴۶۰۳۰۶۰۰۹۰۰۰۶۷۸ هیئت اول موضوع قانون تعیین تکلیف وضعیت ثبتی اراضی و ساختمان‌های فاقد سند رسمی مستقر در واحد ثبتی حوزه ثبت ملک شهرستان جغتای تصرفات مالکانه بلامعارض متقاضی آقای ... فرزند ... به شماره شناسنامه ... صادره از ... در یک باب ساختمان به مساحت ... مترمربع پلاک ... فرعی از ... اصلی مفروز و مجزی شده از پلاک ... واقع در بخش ۴ حوزه ثبت ملک جغتای محرز گردیده است. لذا به منظور اطلاع عموم مراتب در دو نوبت به فاصله ۱۵ روز آگهی می‌شود در صورتی که اشخاص نسبت به صدور سند مالکیت متقاضی اعتراضی داشته باشند می‌توانند از تاریخ انتشار اولین آگهی به مدت دو ماه اعتراض خود را به این اداره تسلیم و پس از اخذ رسید ظرف مدت یک ماه از تاریخ تسلیم اعتراض دادخواست خود را به مرجع قضایی تقدیم نمایند.
تاریخ انتشار نوبت اول: ۱۴۰۴/۰۴/۰۱ — تاریخ انتشار نوبت دوم: ۱۴۰۴/۰۴/۱۶
محمد هادیان - رئیس ثبت اسناد و املاک شهرستان جغتای
آگهی موضوع ماده ۳ قانون و ماده ۱۳ آیین‌نامه قانون تعیین تکلیف وضعیت ثبتی اراضی و ساختمان‌های فاقد سند رسمی
برابر رأی شماره ۱۴۰۴۶۰۳۰۶۰۰۹۰۰۰۶۷۸ هیئت اول موضوع قانون تعیین تکلیف وضعیت ثبتی اراضی و ساختمان‌های فاقد سند رسمی مستقر در واحد ثبتی حوزه ثبت ملک شهرستان جغتای تصرفات مالکانه بلامعارض متقاضی آقای ... فرزند ... به شماره شناسنامه ... صادره از ... در یک باب ساختمان به مساحت ... مترمربع پلاک ... فرعی از ... اصلی مفروز و مجزی شده از پلاک ... واقع در بخش ۴ حوزه ثبت ملک جغتای محرز گردیده است. لذا به منظور اطلاع عموم مراتب در دو نوبت به فاصله ۱۵ روز آگهی می‌شود در صورتی که اشخاص نسبت به صدور سند مالکیت متقاضی اعتراضی داشته باشند می‌توانند از تاریخ انتشار اولین آگهی به مدت دو ماه اعتراض خود را به این اداره تسلیم و پس از اخذ رسید ظرف مدت یک ماه از تاریخ تسلیم اعتراض دادخواست خود را به مرجع قضایی تقدیم نمایند.
تاریخ انتشار نوبت اول: ۱۴۰۴/۰۴/۰۱ — تاریخ انتشار نوبت دوم: ۱۴۰۴/۰۴/۱۶
محمد هادیان - رئیس ثبت اسناد و املاک شهرستان جغتای
آگهی موضوع ماده ۳ قانون و ماده ۱۳ آیین‌نامه قانون تعیین تکلیف وضعیت ثبتی اراضی و ساختمان‌های فاقد سند رسمی
برابر رأی شماره ۱۴۰۴۶۰۳۰۶۰۰۹۰۰۰۶۷۸ هیئت اول موضوع قانون تعیین تکلیف وضعیت ثبتی اراضی و ساختمان‌های فاقد سند رسمی مستقر در واحد ثبتی حوزه ثبت ملک شهرستان جغتای تصرفات مالکانه بلامعارض متقاضی آقای ... فرزند ... به شماره شناسنامه ... صادره از ... در یک باب ساختمان به مساحت ... مترمربع پلاک ... فرعی از ... اصلی مفروز و مجزی شده از پلاک ... واقع در بخش ۴ حوزه ثبت ملک جغتای محرز گردیده است. لذا به منظور اطلاع عموم مراتب در دو نوبت به فاصله ۱۵ روز آگهی می‌شود در صورتی که اشخاص نسبت به صدور سند مالکیت متقاضی اعتراضی داشته باشند می‌توانند از تاریخ انتشار اولین آگهی به مدت دو ماه اعتراض خود را به این اداره تسلیم و پس از اخذ رسید ظرف مدت یک ماه از تاریخ تسلیم اعتراض دادخواست خود را به مرجع قضایی تقدیم نمایند.
تاریخ انتشار نوبت اول: ۱۴۰۴/۰۴/۰۱ — تاریخ انتشار نوبت دوم: ۱۴۰۴/۰۴/۱۶
محمد هادیان - رئیس ثبت اسناد و املاک شهرستان جغتای
آگهی موضوع ماده ۳ قانون و ماده ۱۳ آیین‌نامه قانون تعیین تکلیف وضعیت ثبتی اراضی و ساختمان‌های فاقد سند رسمی
برابر رأی شماره ۱۴۰۴۶۰۳۰۶۰۰۹۰۰۰۶۷۸ هیئت اول موضوع قانون تعیین تکلیف وضعیت ثبتی اراضی و ساختمان‌های فاقد سند رسمی مستقر در واحد ثبتی حوزه ثبت ملک شهرستان جغتای تصرفات مالکانه بلامعارض متقاضی آقای ... فرزند ... به شماره شناسنامه ... صادره از ... در یک باب ساختمان به مساحت ... مترمربع پلاک ... فرعی از ... اصلی مفروز و مجزی شده از پلاک ... واقع در بخش ۴ حوزه ثبت ملک جغتای محرز گردیده است. لذا به منظور اطلاع عموم مراتب در دو نوبت به فاصله ۱۵ روز آگهی می‌شود در صورتی که اشخاص نسبت به صدور سند مالکیت متقاضی اعتراضی داشته باشند می‌توانند از تاریخ انتشار اولین آگهی به مدت دو ماه اعتراض خود را به این اداره تسلیم و پس از اخذ رسید ظرف مدت یک ماه از تاریخ تسلیم اعتراض دادخواست خود را به مرجع قضایی تقدیم نمایند.
تاریخ انتشار نوبت اول: ۱۴۰۴/۰۴/۰۱ — تاریخ انتشار نوبت دوم: ۱۴۰۴/۰۴/۱۶
محمد هادیان - رئیس ثبت اسناد و املاک شهرستان جغتای
آگهی موضوع ماده ۳ قانون و ماده ۱۳ آیین‌نامه قانون تعیین تکلیف وضعیت ثبتی اراضی و ساختمان‌های فاقد سند رسمی
برابر رأی شماره ۱۴۰۴۶۰۳۰۶۰۰۹۰۰۰۶۷۸ هیئت اول موضوع قانون تعیین تکلیف وضعیت ثبتی اراضی و ساختمان‌های فاقد سند رسمی مستقر در واحد ثبتی حوزه ثبت ملک شهرستان جغتای تصرفات مالکانه بلامعارض متقاضی آقای ... فرزند ... به شماره شناسنامه ... صادره از ... در یک باب ساختمان به مساحت ... مترمربع پلاک ... فرعی از ... اصلی مفروز و مجزی شده از پلاک ... واقع در بخش ۴ حوزه ثبت ملک جغتای محرز گردیده است. لذا به منظور اطلاع عموم مراتب در دو نوبت به فاصله ۱۵ روز آگهی می‌شود در صورتی که اشخاص نسبت به صدور سند مالکیت متقاضی اعتراضی داشته باشند می‌توانند از تاریخ انتشار اولین آگهی به مدت دو ماه اعتراض خود را به این اداره تسلیم و پس از اخذ رسید ظرف مدت یک ماه از تاریخ تسلیم اعتراض دادخواست خود را به مرجع قضایی تقدیم نمایند.
تاریخ انتشار نوبت اول: ۱۴۰۴/۰۴/۰۱ — تاریخ انتشار نوبت دوم: ۱۴۰۴/۰۴/۱۶
محمد هادیان - رئیس ثبت اسناد و املاک شهرستان جغتای
آگهی موضوع ماده ۳ قانون و ماده ۱۳ آیین‌نامه قانون تعیین تکلیف وضعیت ثبتی اراضی و ساختمان‌های فاقد سند رسمی
برابر رأی شماره ۱۴۰۴۶۰۳۰۶۰۰۹۰۰۰۶۷۸ هیئت اول موضوع قانون تعیین تکلیف وضعیت ثبتی اراضی و ساختمان‌های فاقد سند رسمی مستقر در واحد ثبتی حوزه ثبت ملک شهرستان جغتای تصرفات مالکانه بلامعارض متقاضی آقای ... فرزند ... به شماره شناسنامه ... صادره از ... در یک باب ساختمان به مساحت ... مترمربع پلاک ... فرعی از ... اصلی مفروز و مجزی شده از پلاک ... واقع در بخش ۴ حوزه ثبت ملک جغتای محرز گردیده است. لذا به منظور اطلاع عموم مراتب در دو نوبت به فاصله ۱۵ روز آگهی می‌شود در صورتی که اشخاص نسبت به صدور سند مالکیت متقاضی اعتراضی داشته باشند می‌توانند از تاریخ انتشار اولین آگهی به مدت دو ماه اعتراض خود را به این اداره تسلیم و پس از اخذ رسید ظرف مدت یک ماه از تاریخ تسلیم اعتراض دادخواست خود را به مرجع قضایی تقدیم نمایند.
تاریخ انتشار نوبت اول: ۱۴۰۴/۰۴/۰۱ — تاریخ انتشار نوبت دوم: ۱۴۰۴/۰۴/۱۶
محمد هادیان - رئیس ثبت اسناد و املاک شهرستان جغتای
